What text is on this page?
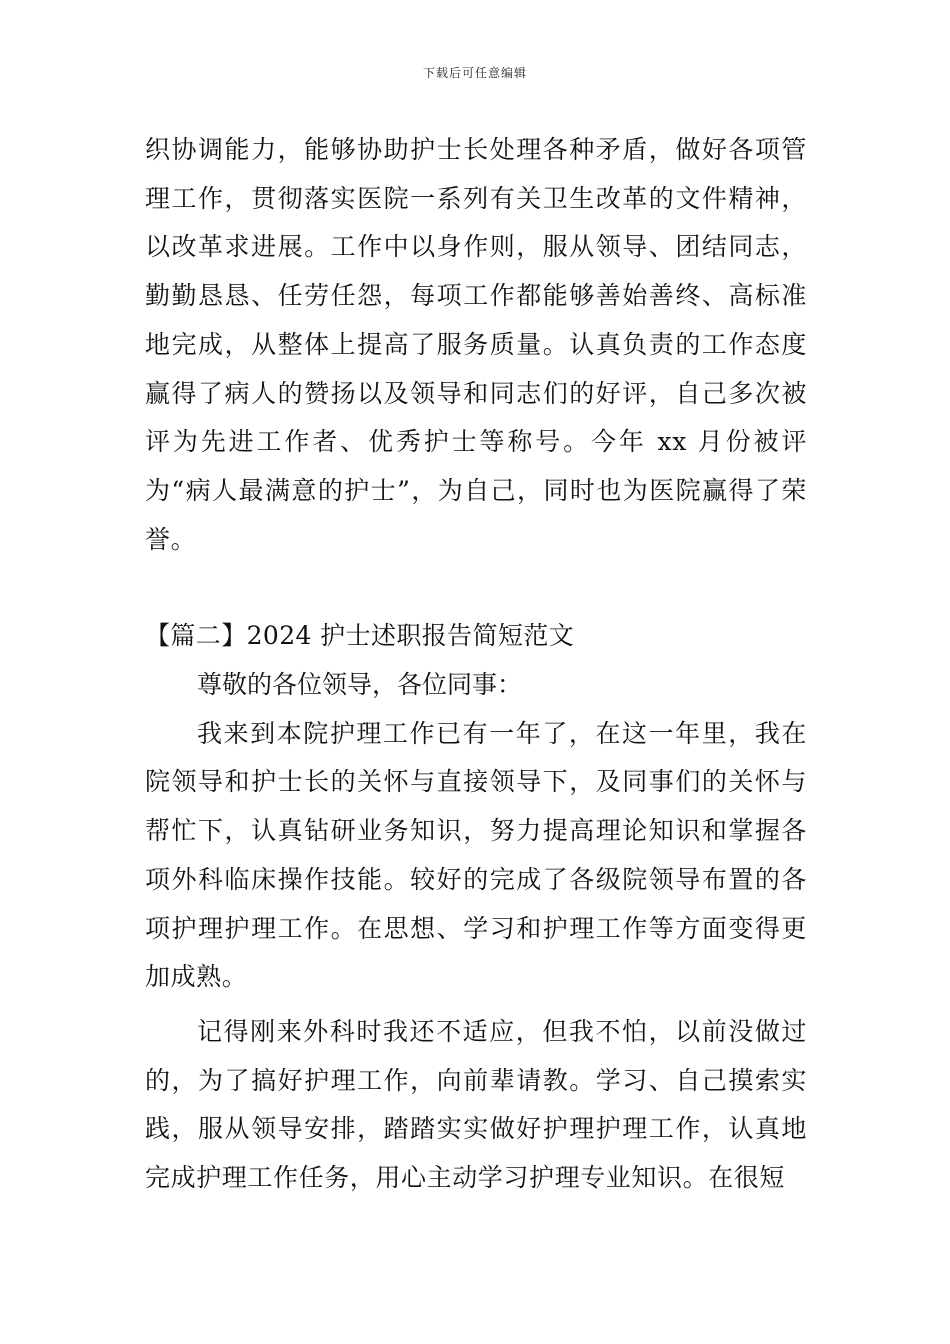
下载后可任意编辑

织协调能力，能够协助护士长处理各种矛盾，做好各项管理工作，贯彻落实医院一系列有关卫生改革的文件精神，以改革求进展。工作中以身作则，服从领导、团结同志，勤勤恳恳、任劳任怨，每项工作都能够善始善终、高标准地完成，从整体上提高了服务质量。认真负责的工作态度赢得了病人的赞扬以及领导和同志们的好评，自己多次被评为先进工作者、优秀护士等称号。今年 xx 月份被评为“病人最满意的护士”，为自己，同时也为医院赢得了荣誉。

【篇二】2024 护士述职报告简短范文

尊敬的各位领导，各位同事：

我来到本院护理工作已有一年了，在这一年里，我在院领导和护士长的关怀与直接领导下，及同事们的关怀与帮忙下，认真钻研业务知识，努力提高理论知识和掌握各项外科临床操作技能。较好的完成了各级院领导布置的各项护理护理工作。在思想、学习和护理工作等方面变得更加成熟。

记得刚来外科时我还不适应，但我不怕，以前没做过的，为了搞好护理工作，向前辈请教。学习、自己摸索实践，服从领导安排，踏踏实实做好护理护理工作，认真地完成护理工作任务，用心主动学习护理专业知识。在很短
